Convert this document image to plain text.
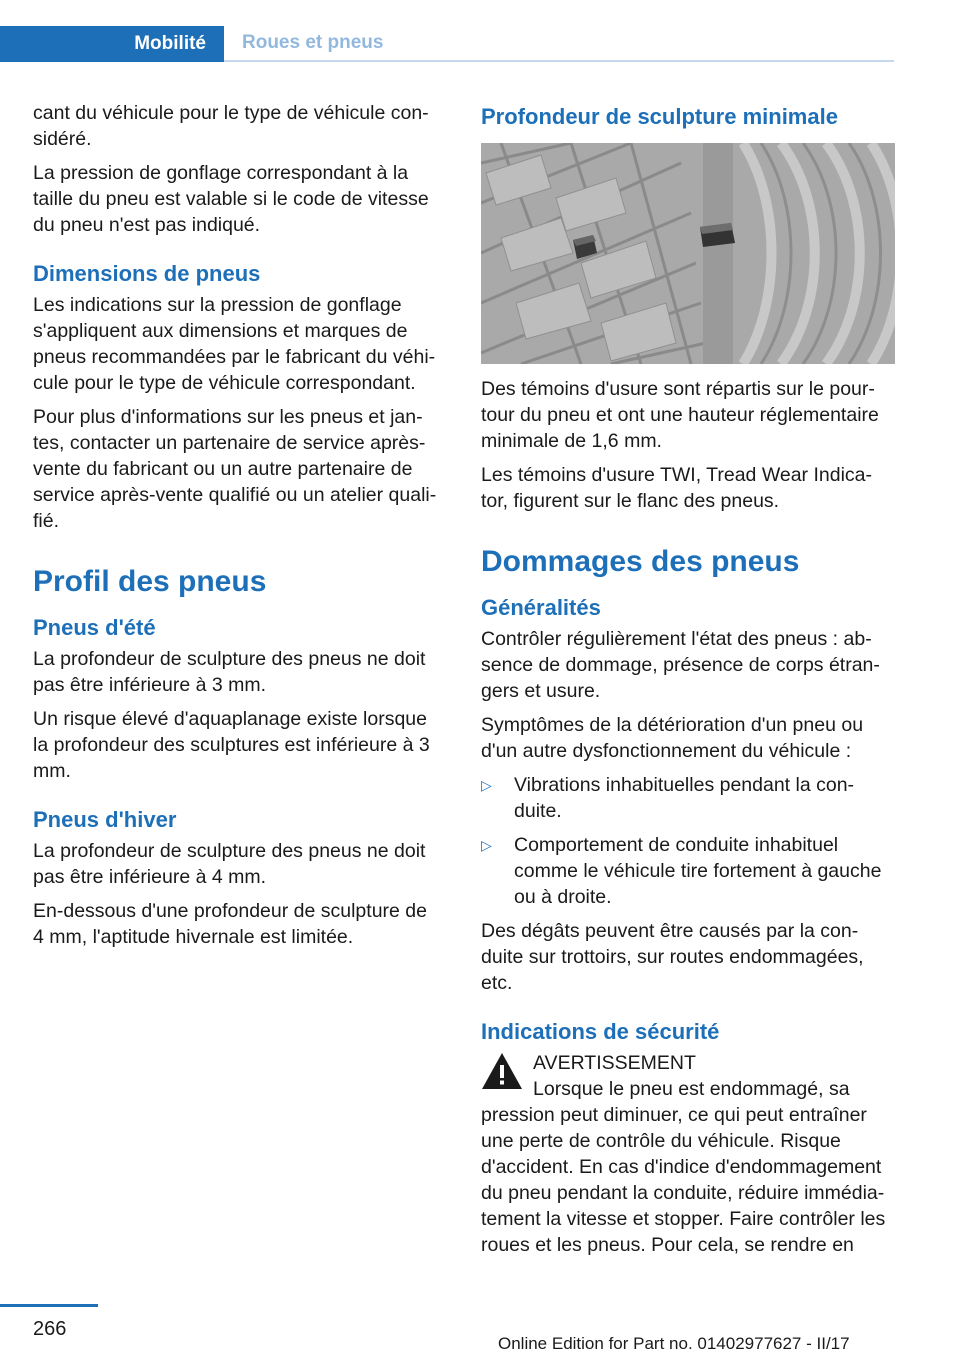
Mobilité Roues et pneus

cant du véhicule pour le type de véhicule con-sidéré.

La pression de gonflage correspondant à la taille du pneu est valable si le code de vitesse du pneu n'est pas indiqué.

Dimensions de pneus

Les indications sur la pression de gonflage s'appliquent aux dimensions et marques de pneus recommandées par le fabricant du véhi-cule pour le type de véhicule correspondant.

Pour plus d'informations sur les pneus et jan-tes, contacter un partenaire de service après-vente du fabricant ou un autre partenaire de service après-vente qualifié ou un atelier quali-fié.

Profil des pneus
Pneus d'été

La profondeur de sculpture des pneus ne doit pas être inférieure à 3 mm.

Un risque élevé d'aquaplanage existe lorsque la profondeur des sculptures est inférieure à 3 mm.

Pneus d'hiver

La profondeur de sculpture des pneus ne doit pas être inférieure à 4 mm.

En-dessous d'une profondeur de sculpture de 4 mm, l'aptitude hivernale est limitée.

Profondeur de sculpture minimale

Des témoins d'usure sont répartis sur le pour-tour du pneu et ont une hauteur réglementaire minimale de 1,6 mm.

Les témoins d'usure TWI, Tread Wear Indica-tor, figurent sur le flanc des pneus.

Dommages des pneus
Généralités

Contrôler régulièrement l'état des pneus : ab-sence de dommage, présence de corps étran-gers et usure.

Symptômes de la détérioration d'un pneu ou d'un autre dysfonctionnement du véhicule :

▷ Vibrations inhabituelles pendant la con-duite.
▷ Comportement de conduite inhabituel comme le véhicule tire fortement à gauche ou à droite.

Des dégâts peuvent être causés par la con-duite sur trottoirs, sur routes endommagées, etc.

Indications de sécurité
AVERTISSEMENT
Lorsque le pneu est endommagé, sa pression peut diminuer, ce qui peut entraîner une perte de contrôle du véhicule. Risque d'accident. En cas d'indice d'endommagement du pneu pendant la conduite, réduire immédia-tement la vitesse et stopper. Faire contrôler les roues et les pneus. Pour cela, se rendre en
266
Online Edition for Part no. 01402977627 - II/17
